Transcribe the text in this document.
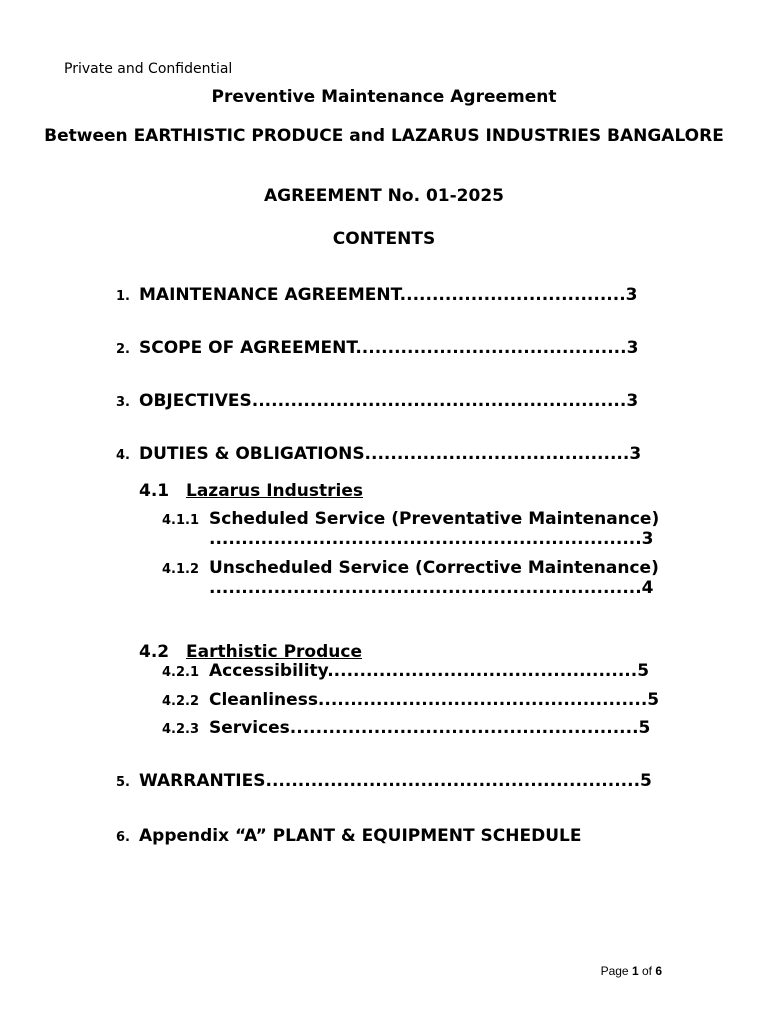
Private and Confidential
Preventive Maintenance Agreement
Between EARTHISTIC PRODUCE and LAZARUS INDUSTRIES BANGALORE
AGREEMENT No. 01-2025
CONTENTS
1. MAINTENANCE AGREEMENT...................................3
2. SCOPE OF AGREEMENT..........................................3
3. OBJECTIVES..........................................................3
4. DUTIES & OBLIGATIONS.........................................3
4.1 Lazarus Industries
4.1.1 Scheduled Service (Preventative Maintenance)
...................................................................3
4.1.2 Unscheduled Service (Corrective Maintenance)
...................................................................4
4.2 Earthistic Produce
4.2.1 Accessibility................................................5
4.2.2 Cleanliness...................................................5
4.2.3 Services......................................................5
5. WARRANTIES..........................................................5
6. Appendix “A” PLANT & EQUIPMENT SCHEDULE
Page 1 of 6
